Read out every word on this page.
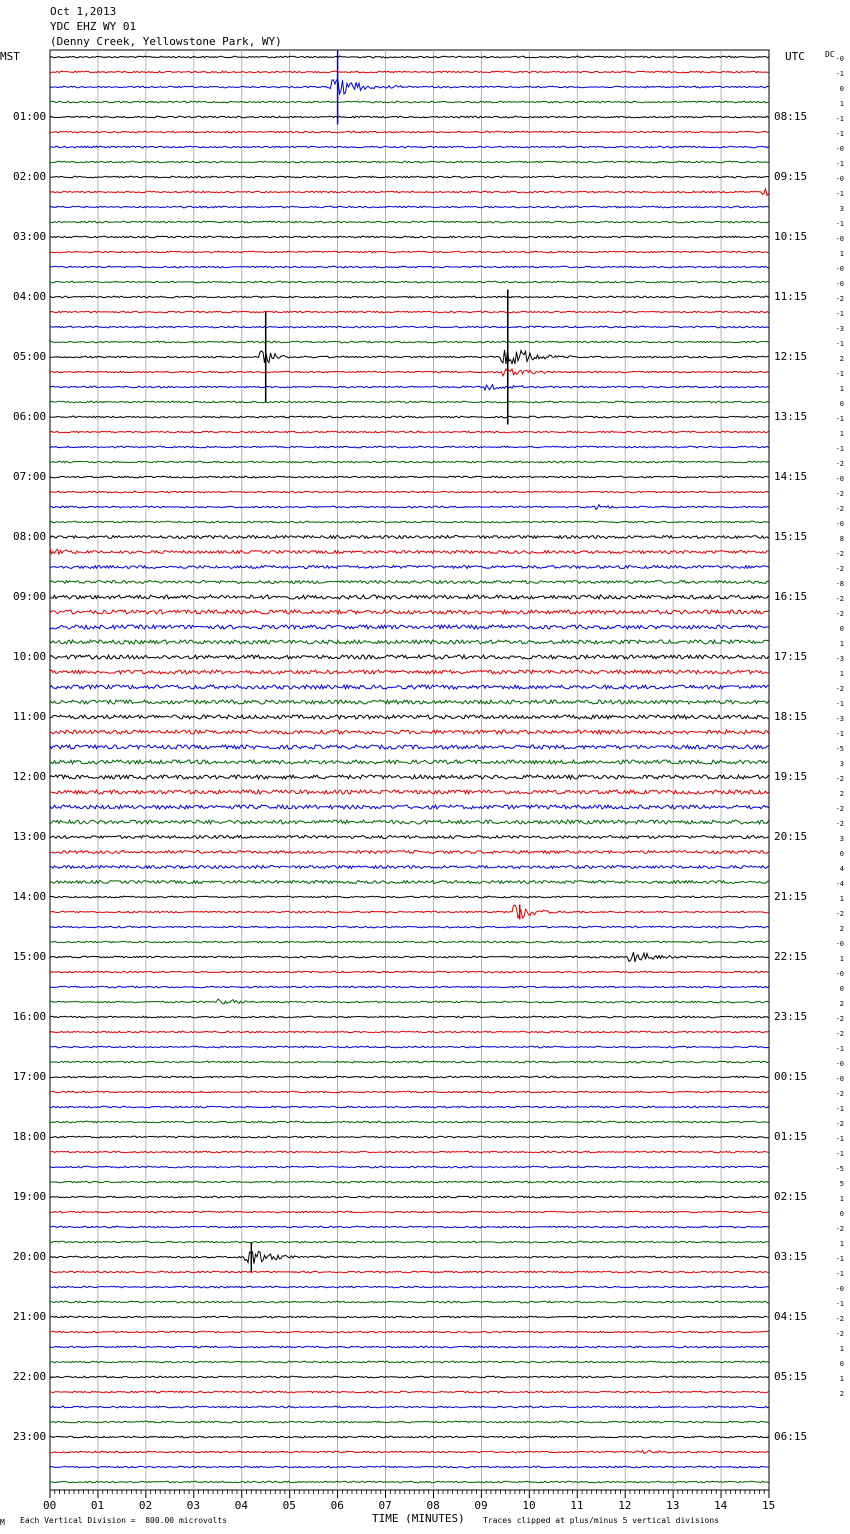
Oct 1,2013
YDC EHZ WY 01
(Denny Creek, Yellowstone Park, WY)
MST	UTC	DC
M Each Vertical Division =  800.00 microvolts	TIME (MINUTES) Traces clipped at plus/minus 5 vertical divisions
00	01	02	03	04	05	06	07	08	09	10	11	12	13	14	15
01:00
02:00
03:00
04:00
05:00
06:00
07:00
08:00
09:00
10:00
11:00
12:00
13:00
14:00
15:00
16:00
17:00
18:00
19:00
20:00
21:00
22:00
23:00
08:15
09:15
10:15
11:15
12:15
13:15
14:15
15:15
16:15
17:15
18:15
19:15
20:15
21:15
22:15
23:15
00:15
01:15
02:15
03:15
04:15
05:15
06:15
-0
-1
0
1
-1
-1
-0
-1
-0
-1
3
-1
-0
1
-0
-0
-2
-1
-3
-1
2
-1
1
0
-1
1
-1
-2
-0
-2
-2
-0
8
-2
-2
-8
-2
-2
0
1
-3
1
-2
-1
-3
-1
-5
3
-2
2
-2
-2
3
0
4
-4
1
-2
2
-0
1
-0
0
2
-2
-2
-1
-0
-0
-2
-1
-2
-1
-1
-5
5
1
0
-2
1
-1
-1
-0
-1
-2
-2
1
0
1
2
